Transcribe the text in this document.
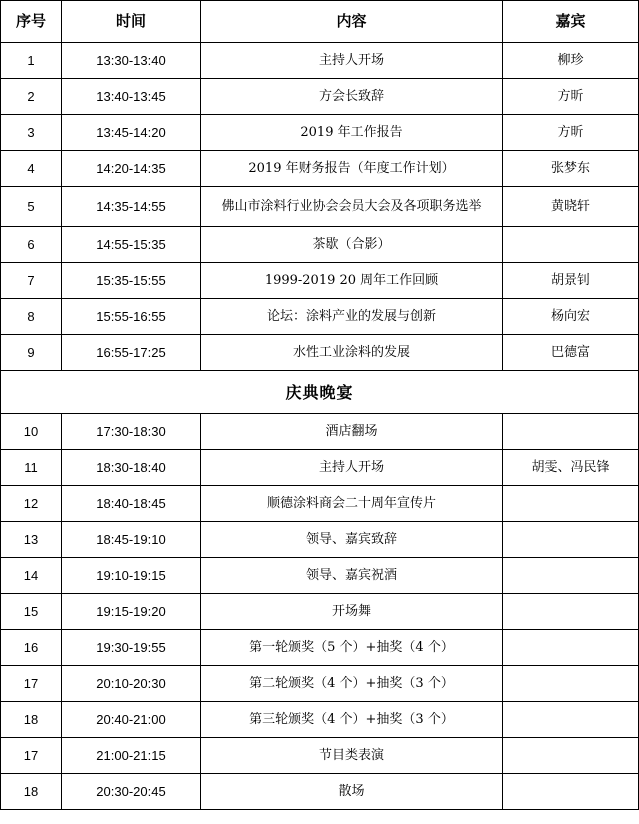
序号	时间	内容	嘉宾
1	13:30-13:40	主持人开场	柳珍
2	13:40-13:45	方会长致辞	方昕
3	13:45-14:20	2019 年工作报告	方昕
4	14:20-14:35	2019 年财务报告（年度工作计划）	张梦东
5	14:35-14:55	佛山市涂料行业协会会员大会及各项职务选举	黄晓轩
6	14:55-15:35	茶歇（合影）	
7	15:35-15:55	1999-2019 20 周年工作回顾	胡景钊
8	15:55-16:55	论坛：涂料产业的发展与创新	杨向宏
9	16:55-17:25	水性工业涂料的发展	巴德富
庆典晚宴			
10	17:30-18:30	酒店翻场	
11	18:30-18:40	主持人开场	胡雯、冯民锋
12	18:40-18:45	顺德涂料商会二十周年宣传片	
13	18:45-19:10	领导、嘉宾致辞	
14	19:10-19:15	领导、嘉宾祝酒	
15	19:15-19:20	开场舞	
16	19:30-19:55	第一轮颁奖（5 个）+抽奖（4 个）	
17	20:10-20:30	第二轮颁奖（4 个）+抽奖（3 个）	
18	20:40-21:00	第三轮颁奖（4 个）+抽奖（3 个）	
17	21:00-21:15	节目类表演	
18	20:30-20:45	散场	
